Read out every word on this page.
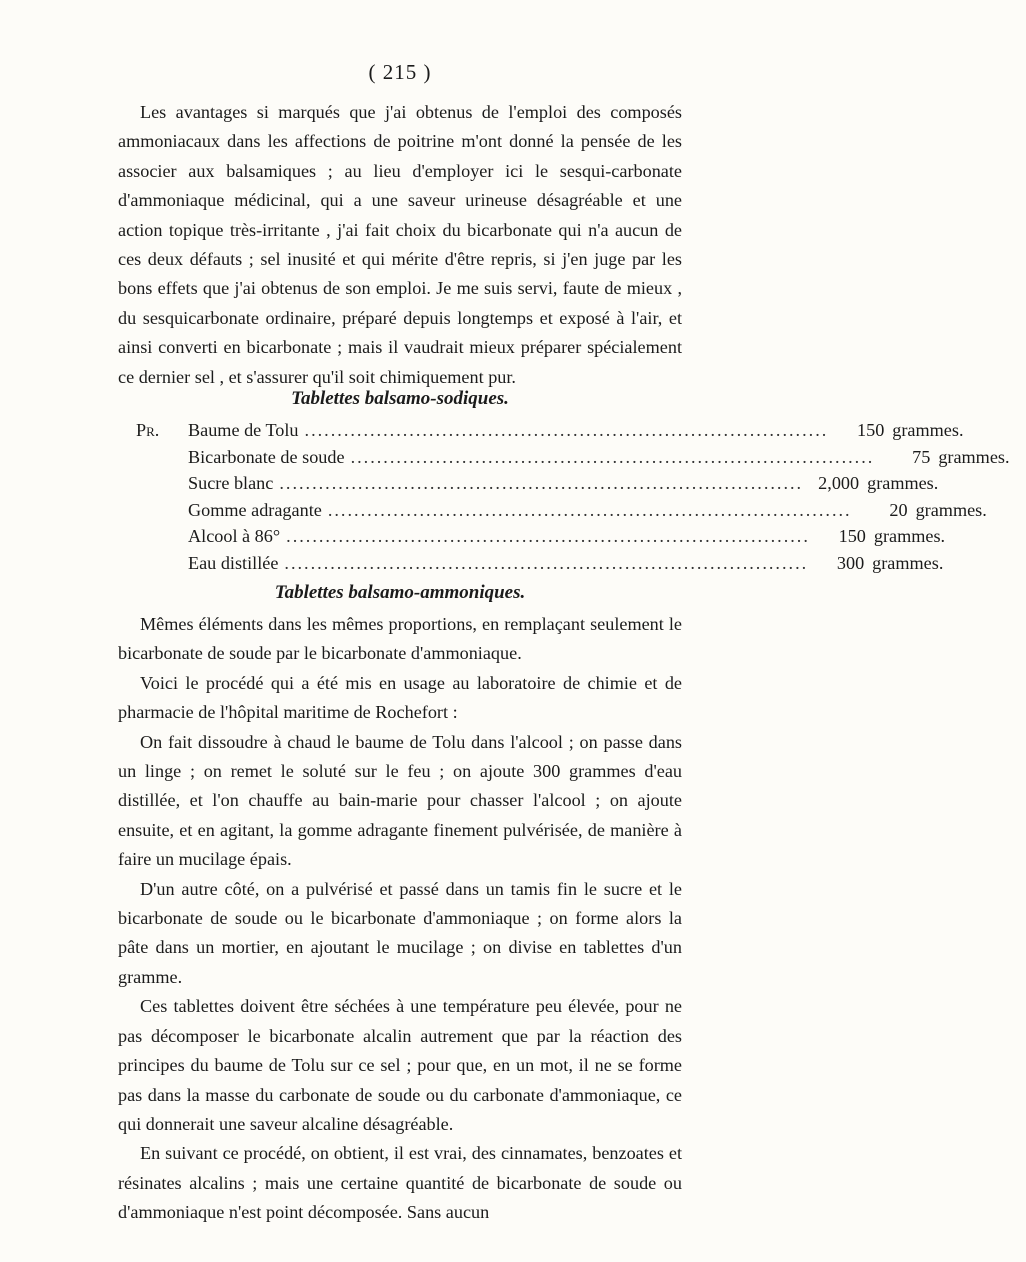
( 215 )

Les avantages si marqués que j'ai obtenus de l'emploi des composés ammoniacaux dans les affections de poitrine m'ont donné la pensée de les associer aux balsamiques ; au lieu d'employer ici le sesqui-carbonate d'ammoniaque médicinal, qui a une saveur urineuse désagréable et une action topique très-irritante , j'ai fait choix du bicarbonate qui n'a aucun de ces deux défauts ; sel inusité et qui mérite d'être repris, si j'en juge par les bons effets que j'ai obtenus de son emploi. Je me suis servi, faute de mieux , du sesquicarbonate ordinaire, préparé depuis longtemps et exposé à l'air, et ainsi converti en bicarbonate ; mais il vaudrait mieux préparer spécialement ce dernier sel , et s'assurer qu'il soit chimiquement pur.

Tablettes balsamo-sodiques.
Pr.	Baume de Tolu ................................................................................	150 grammes.
Bicarbonate de soude ................................................................................	75 grammes.
Sucre blanc ................................................................................ 2,000 grammes.
Gomme adragante ................................................................................	20 grammes.
Alcool à 86° ................................................................................	150 grammes.
Eau distillée ................................................................................	300 grammes.
Tablettes balsamo-ammoniques.

Mêmes éléments dans les mêmes proportions, en remplaçant seulement le bicarbonate de soude par le bicarbonate d'ammoniaque.

Voici le procédé qui a été mis en usage au laboratoire de chimie et de pharmacie de l'hôpital maritime de Rochefort :

On fait dissoudre à chaud le baume de Tolu dans l'alcool ; on passe dans un linge ; on remet le soluté sur le feu ; on ajoute 300 grammes d'eau distillée, et l'on chauffe au bain-marie pour chasser l'alcool ; on ajoute ensuite, et en agitant, la gomme adragante finement pulvérisée, de manière à faire un mucilage épais.

D'un autre côté, on a pulvérisé et passé dans un tamis fin le sucre et le bicarbonate de soude ou le bicarbonate d'ammoniaque ; on forme alors la pâte dans un mortier, en ajoutant le mucilage ; on divise en tablettes d'un gramme.

Ces tablettes doivent être séchées à une température peu élevée, pour ne pas décomposer le bicarbonate alcalin autrement que par la réaction des principes du baume de Tolu sur ce sel ; pour que, en un mot, il ne se forme pas dans la masse du carbonate de soude ou du carbonate d'ammoniaque, ce qui donnerait une saveur alcaline désagréable.

En suivant ce procédé, on obtient, il est vrai, des cinnamates, benzoates et résinates alcalins ; mais une certaine quantité de bicarbonate de soude ou d'ammoniaque n'est point décomposée. Sans aucun
